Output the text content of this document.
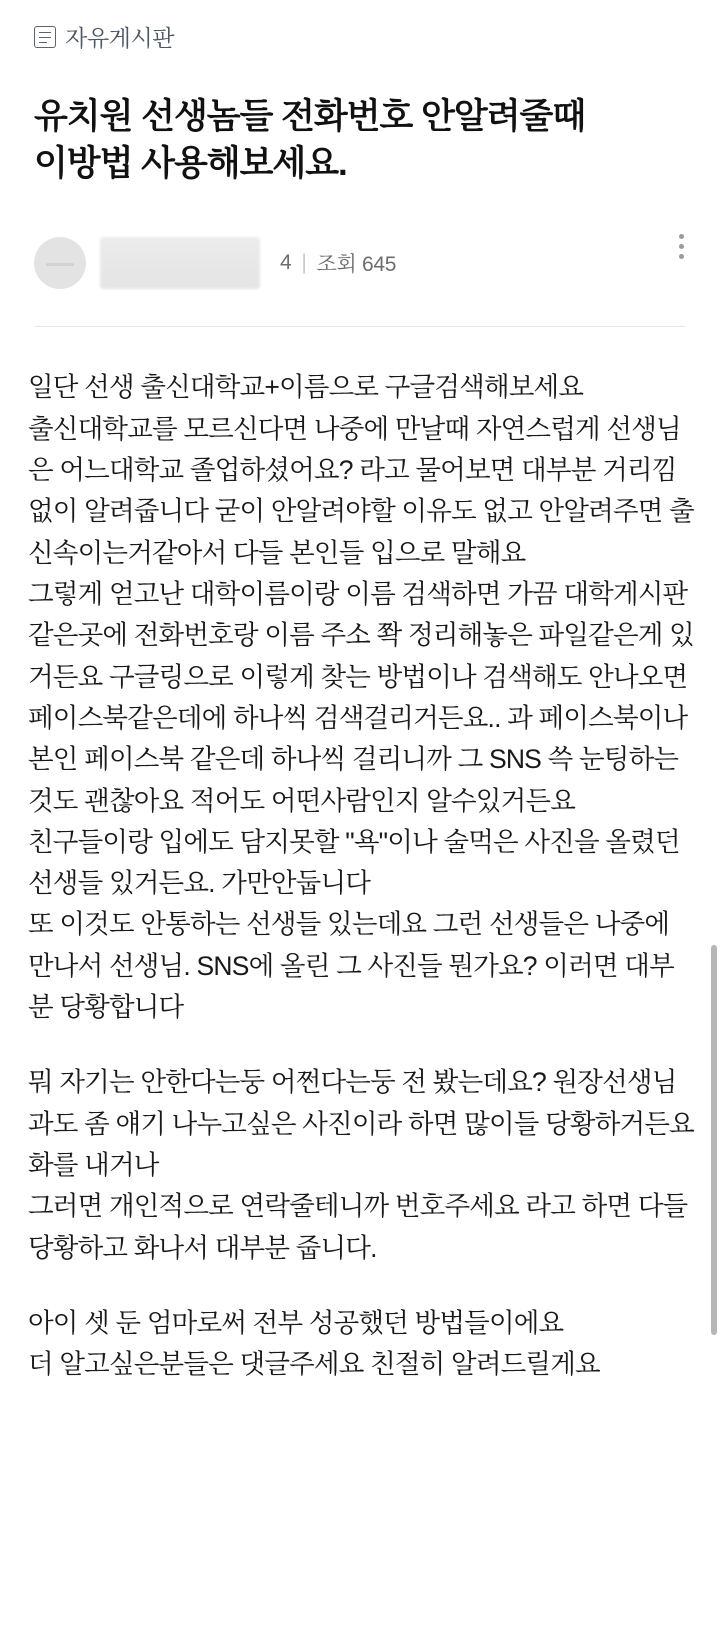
자유게시판
유치원 선생놈들 전화번호 안알려줄때 이방법 사용해보세요.
4 | 조회 645

일단 선생 출신대학교+이름으로 구글검색해보세요

출신대학교를 모르신다면 나중에 만날때 자연스럽게 선생님은 어느대학교 졸업하셨어요? 라고 물어보면 대부분 거리낌없이 알려줍니다 굳이 안알려야할 이유도 없고 안알려주면 출신속이는거같아서 다들 본인들 입으로 말해요

그렇게 얻고난 대학이름이랑 이름 검색하면 가끔 대학게시판 같은곳에 전화번호랑 이름 주소 쫙 정리해놓은 파일같은게 있거든요 구글링으로 이렇게 찾는 방법이나 검색해도 안나오면 페이스북같은데에 하나씩 검색걸리거든요.. 과 페이스북이나 본인 페이스북 같은데 하나씩 걸리니까 그 SNS 쓱 눈팅하는것도 괜찮아요 적어도 어떤사람인지 알수있거든요

친구들이랑 입에도 담지못할 "욕"이나 술먹은 사진을 올렸던 선생들 있거든요. 가만안둡니다

또 이것도 안통하는 선생들 있는데요 그런 선생들은 나중에 만나서 선생님. SNS에 올린 그 사진들 뭔가요? 이러면 대부분 당황합니다

뭐 자기는 안한다는둥 어쩐다는둥 전 봤는데요? 원장선생님과도 좀 얘기 나누고싶은 사진이라 하면 많이들 당황하거든요 화를 내거나

그러면 개인적으로 연락줄테니까 번호주세요 라고 하면 다들 당황하고 화나서 대부분 줍니다.

아이 셋 둔 엄마로써 전부 성공했던 방법들이에요

더 알고싶은분들은 댓글주세요 친절히 알려드릴게요
